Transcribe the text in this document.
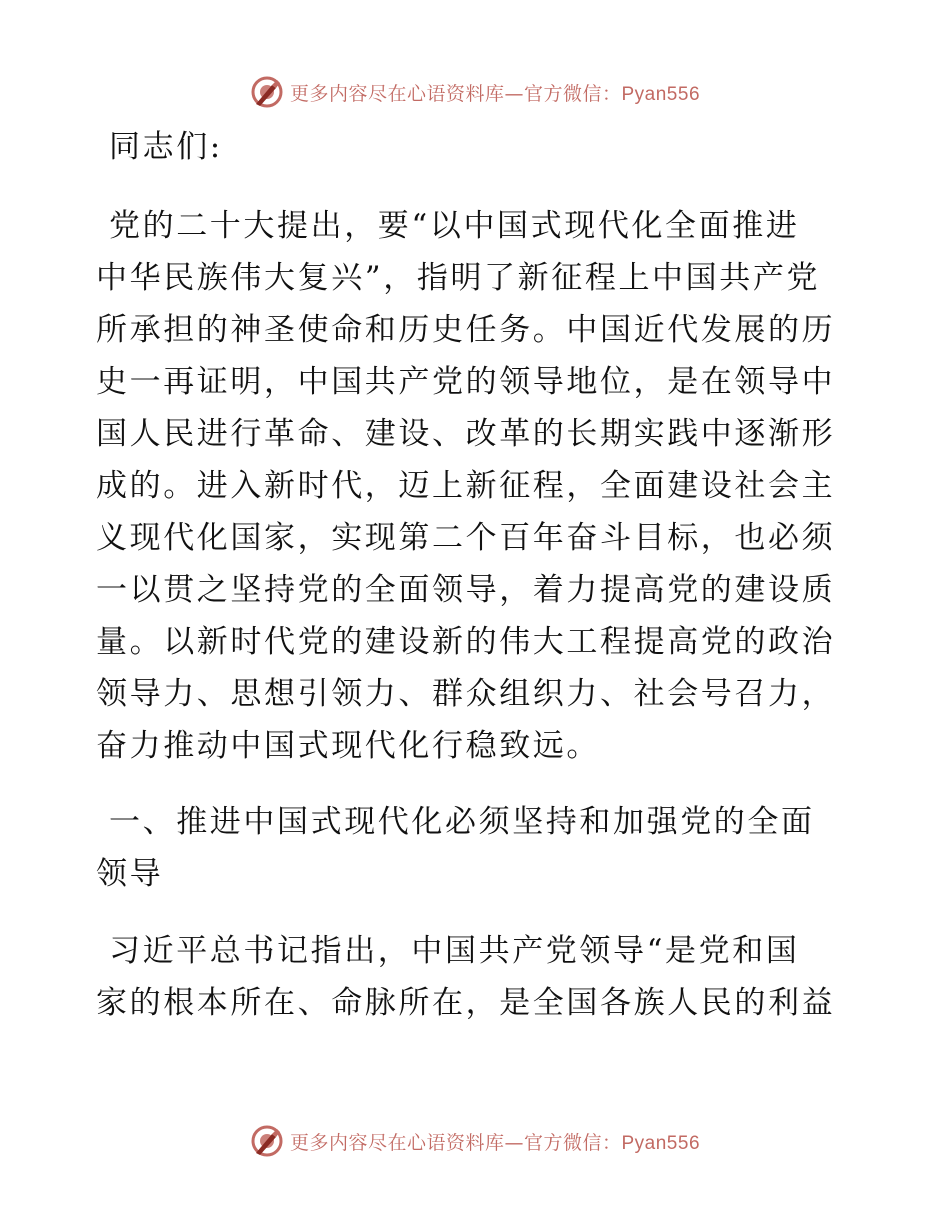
更多内容尽在心语资料库—官方微信：Pyan556
同志们:
党的二十大提出，要“以中国式现代化全面推进
中华民族伟大复兴”，指明了新征程上中国共产党
所承担的神圣使命和历史任务。中国近代发展的历
史一再证明，中国共产党的领导地位，是在领导中
国人民进行革命、建设、改革的长期实践中逐渐形
成的。进入新时代，迈上新征程，全面建设社会主
义现代化国家，实现第二个百年奋斗目标，也必须
一以贯之坚持党的全面领导，着力提高党的建设质
量。以新时代党的建设新的伟大工程提高党的政治
领导力、思想引领力、群众组织力、社会号召力，
奋力推动中国式现代化行稳致远。
一、推进中国式现代化必须坚持和加强党的全面
领导
习近平总书记指出，中国共产党领导“是党和国
家的根本所在、命脉所在，是全国各族人民的利益
更多内容尽在心语资料库—官方微信：Pyan556
